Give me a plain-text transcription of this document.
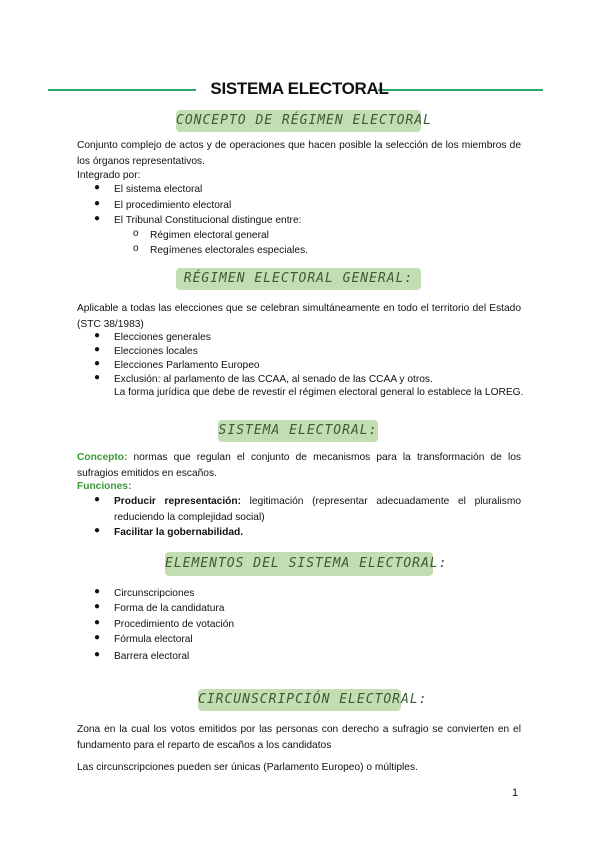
SISTEMA ELECTORAL
CONCEPTO DE RÉGIMEN ELECTORAL
Conjunto complejo de actos y de operaciones que hacen posible la selección de los miembros de los órganos representativos.
Integrado por:
● El sistema electoral
● El procedimiento electoral
● El Tribunal Constitucional distingue entre:
o Régimen electoral general
o Regímenes electorales especiales.
RÉGIMEN ELECTORAL GENERAL:
Aplicable a todas las elecciones que se celebran simultáneamente en todo el territorio del Estado (STC 38/1983)
● Elecciones generales
● Elecciones locales
● Elecciones Parlamento Europeo
● Exclusión: al parlamento de las CCAA, al senado de las CCAA y otros.
La forma jurídica que debe de revestir el régimen electoral general lo establece la LOREG.
SISTEMA ELECTORAL:
Concepto: normas que regulan el conjunto de mecanismos para la transformación de los sufragios emitidos en escaños.
Funciones:
● Producir representación: legitimación (representar adecuadamente el pluralismo reduciendo la complejidad social)
● Facilitar la gobernabilidad.
ELEMENTOS DEL SISTEMA ELECTORAL:
● Circunscripciones
● Forma de la candidatura
● Procedimiento de votación
● Fórmula electoral
● Barrera electoral
CIRCUNSCRIPCIÓN ELECTORAL:
Zona en la cual los votos emitidos por las personas con derecho a sufragio se convierten en el fundamento para el reparto de escaños a los candidatos
Las circunscripciones pueden ser únicas (Parlamento Europeo) o múltiples.
1
